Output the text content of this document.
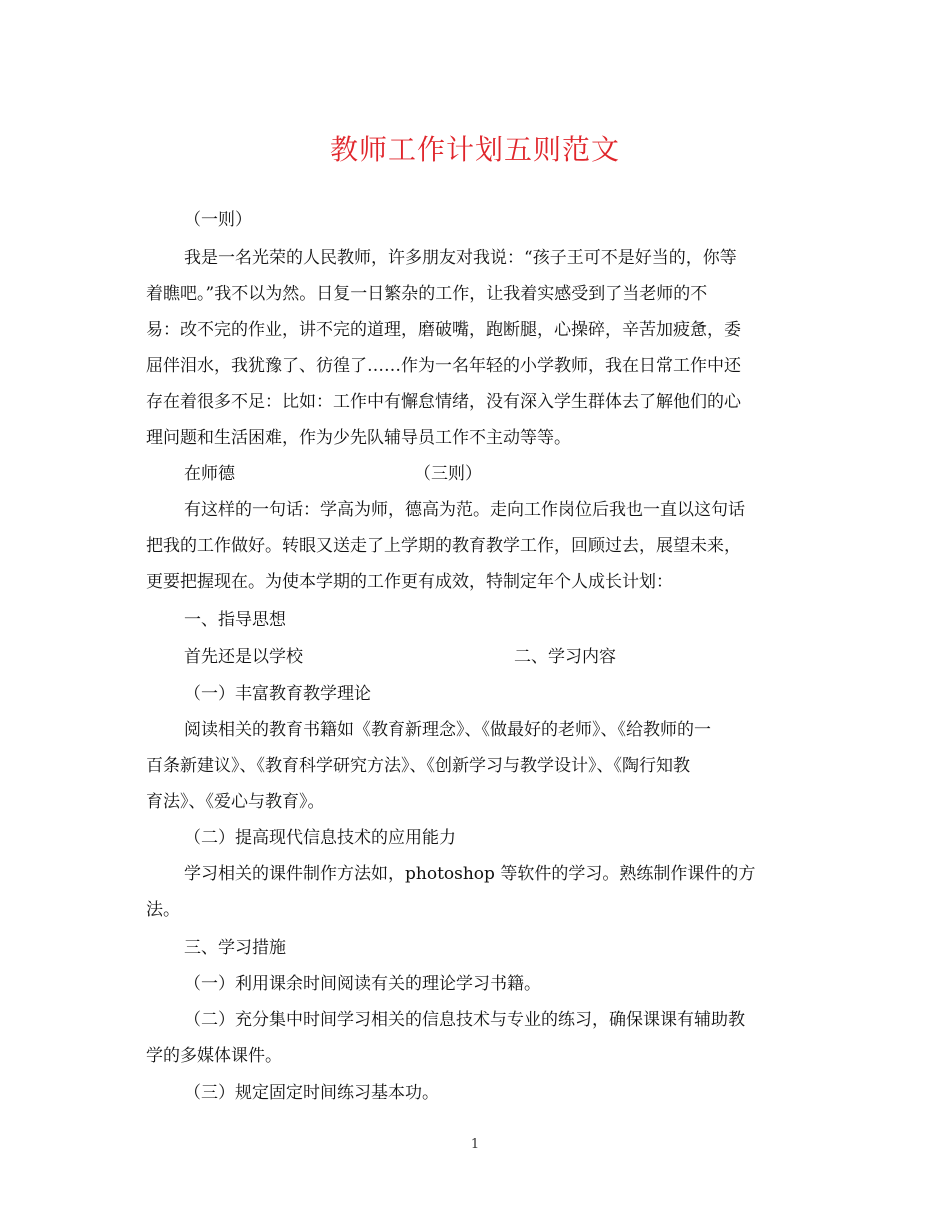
教师工作计划五则范文
（一则）
我是一名光荣的人民教师，许多朋友对我说：“孩子王可不是好当的，你等
着瞧吧。”我不以为然。日复一日繁杂的工作，让我着实感受到了当老师的不
易：改不完的作业，讲不完的道理，磨破嘴，跑断腿，心操碎，辛苦加疲惫，委
屈伴泪水，我犹豫了、彷徨了……作为一名年轻的小学教师，我在日常工作中还
存在着很多不足：比如：工作中有懈怠情绪，没有深入学生群体去了解他们的心
理问题和生活困难，作为少先队辅导员工作不主动等等。
在师德	（三则）
有这样的一句话：学高为师，德高为范。走向工作岗位后我也一直以这句话
把我的工作做好。转眼又送走了上学期的教育教学工作，回顾过去，展望未来，
更要把握现在。为使本学期的工作更有成效，特制定年个人成长计划：
一、指导思想
首先还是以学校	二、学习内容
（一）丰富教育教学理论
阅读相关的教育书籍如《教育新理念》、《做最好的老师》、《给教师的一
百条新建议》、《教育科学研究方法》、《创新学习与教学设计》、《陶行知教
育法》、《爱心与教育》。
（二）提高现代信息技术的应用能力
学习相关的课件制作方法如，photoshop 等软件的学习。熟练制作课件的方
法。
三、学习措施
（一）利用课余时间阅读有关的理论学习书籍。
（二）充分集中时间学习相关的信息技术与专业的练习，确保课课有辅助教
学的多媒体课件。
（三）规定固定时间练习基本功。
1
